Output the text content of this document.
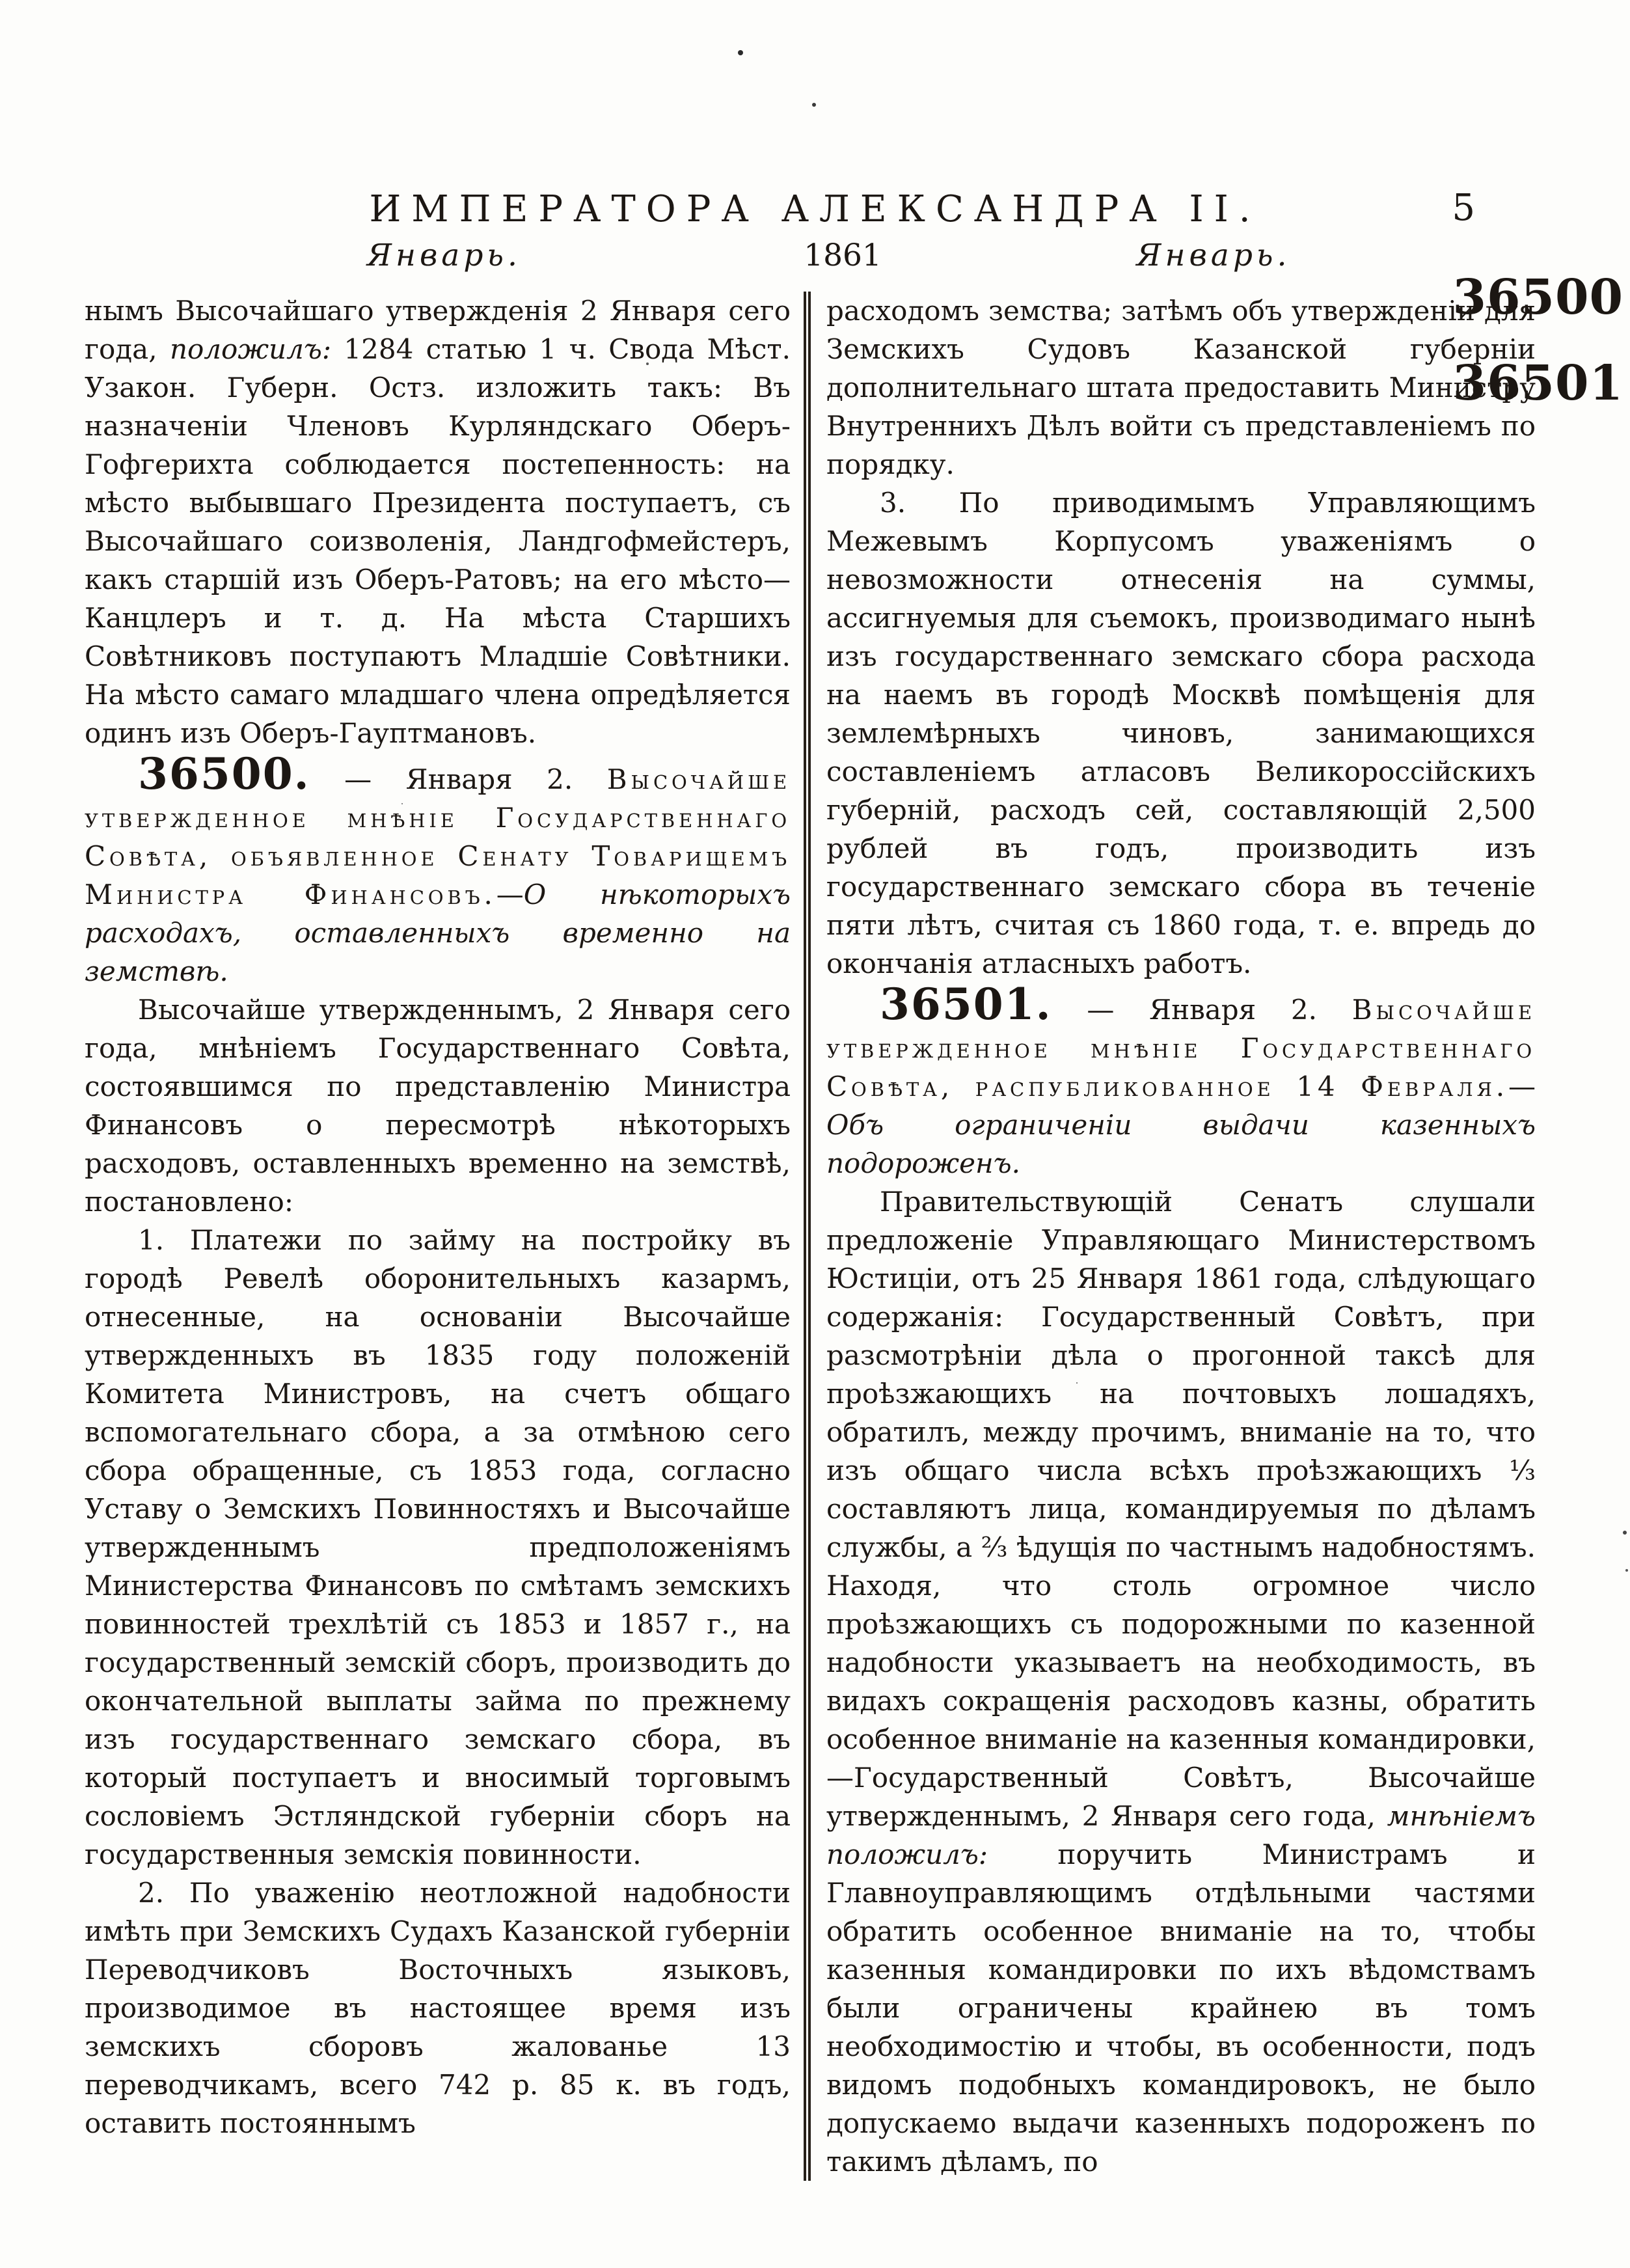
ИМПЕРАТОРА АЛЕКСАНДРА II.	5
Январь.	1861	Январь.
36500
36501

нымъ Высочайшаго утвержденія 2 Января сего года, положилъ: 1284 статью 1 ч. Свода Мѣст. Узакон. Губерн. Остз. изложить такъ: Въ назначеніи Членовъ Курляндскаго Оберъ-Гофгерихта соблюдается постепенность: на мѣсто выбывшаго Президента поступаетъ, съ Высочайшаго соизволенія, Ландгофмейстеръ, какъ старшій изъ Оберъ-Ратовъ; на его мѣсто—Канцлеръ и т. д. На мѣста Старшихъ Совѣтниковъ поступаютъ Младшіе Совѣтники. На мѣсто самаго младшаго члена опредѣляется одинъ изъ Оберъ-Гауптмановъ.

36500. — Января 2. Высочайше утвержденное мнѣніе Государственнаго Совѣта, объявленное Сенату Товарищемъ Министра Финансовъ.—О нѣкоторыхъ расходахъ, оставленныхъ временно на земствѣ.

Высочайше утвержденнымъ, 2 Января сего года, мнѣніемъ Государственнаго Совѣта, состоявшимся по представленію Министра Финансовъ о пересмотрѣ нѣкоторыхъ расходовъ, оставленныхъ временно на земствѣ, постановлено:

1. Платежи по займу на постройку въ городѣ Ревелѣ оборонительныхъ казармъ, отнесенные, на основаніи Высочайше утвержденныхъ въ 1835 году положеній Комитета Министровъ, на счетъ общаго вспомогательнаго сбора, а за отмѣною сего сбора обращенные, съ 1853 года, согласно Уставу о Земскихъ Повинностяхъ и Высочайше утвержденнымъ предположеніямъ Министерства Финансовъ по смѣтамъ земскихъ повинностей трехлѣтій съ 1853 и 1857 г., на государственный земскій сборъ, производить до окончательной выплаты займа по прежнему изъ государственнаго земскаго сбора, въ который поступаетъ и вносимый торговымъ сословіемъ Эстляндской губерніи сборъ на государственныя земскія повинности.

2. По уваженію неотложной надобности имѣть при Земскихъ Судахъ Казанской губерніи Переводчиковъ Восточныхъ языковъ, производимое въ настоящее время изъ земскихъ сборовъ жалованье 13 переводчикамъ, всего 742 р. 85 к. въ годъ, оставить постояннымъ

расходомъ земства; затѣмъ объ утвержденіи для Земскихъ Судовъ Казанской губерніи дополнительнаго штата предоставить Министру Внутреннихъ Дѣлъ войти съ представленіемъ по порядку.

3. По приводимымъ Управляющимъ Межевымъ Корпусомъ уваженіямъ о невозможности отнесенія на суммы, ассигнуемыя для съемокъ, производимаго нынѣ изъ государственнаго земскаго сбора расхода на наемъ въ городѣ Москвѣ помѣщенія для землемѣрныхъ чиновъ, занимающихся составленіемъ атласовъ Великороссійскихъ губерній, расходъ сей, составляющій 2,500 рублей въ годъ, производить изъ государственнаго земскаго сбора въ теченіе пяти лѣтъ, считая съ 1860 года, т. е. впредь до окончанія атласныхъ работъ.

36501. — Января 2. Высочайше утвержденное мнѣніе Государственнаго Совѣта, распубликованное 14 Февраля.—Объ ограниченіи выдачи казенныхъ подороженъ.

Правительствующій Сенатъ слушали предложеніе Управляющаго Министерствомъ Юстиціи, отъ 25 Января 1861 года, слѣдующаго содержанія: Государственный Совѣтъ, при разсмотрѣніи дѣла о прогонной таксѣ для проѣзжающихъ на почтовыхъ лошадяхъ, обратилъ, между прочимъ, вниманіе на то, что изъ общаго числа всѣхъ проѣзжающихъ ⅓ составляютъ лица, командируемыя по дѣламъ службы, а ⅔ ѣдущія по частнымъ надобностямъ. Находя, что столь огромное число проѣзжающихъ съ подорожными по казенной надобности указываетъ на необходимость, въ видахъ сокращенія расходовъ казны, обратить особенное вниманіе на казенныя командировки,—Государственный Совѣтъ, Высочайше утвержденнымъ, 2 Января сего года, мнѣніемъ положилъ: поручить Министрамъ и Главноуправляющимъ отдѣльными частями обратить особенное вниманіе на то, чтобы казенныя командировки по ихъ вѣдомствамъ были ограничены крайнею въ томъ необходимостію и чтобы, въ особенности, подъ видомъ подобныхъ командировокъ, не было допускаемо выдачи казенныхъ подороженъ по такимъ дѣламъ, по
